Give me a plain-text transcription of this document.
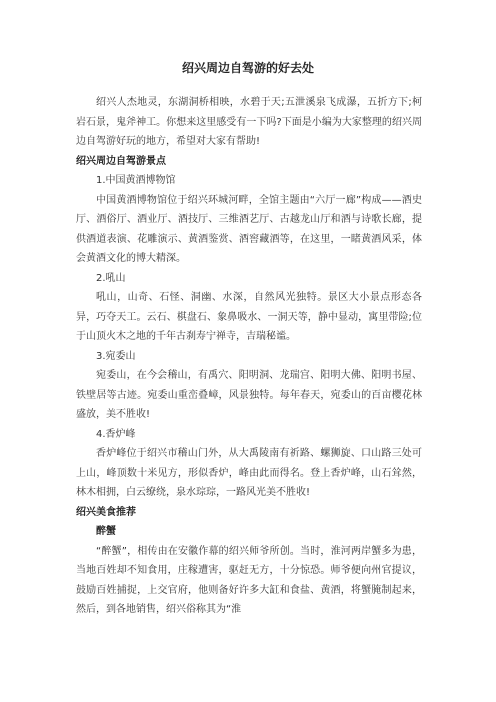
绍兴周边自驾游的好去处

绍兴人杰地灵，东湖洞桥相映，水碧于天;五泄溪泉飞成瀑，五折方下;柯岩石景，鬼斧神工。你想来这里感受有一下吗?下面是小编为大家整理的绍兴周边自驾游好玩的地方，希望对大家有帮助!

绍兴周边自驾游景点

1.中国黄酒博物馆

中国黄酒博物馆位于绍兴环城河畔，全馆主题由“六厅一廊”构成——酒史厅、酒俗厅、酒业厅、酒技厅、三维酒艺厅、古越龙山厅和酒与诗歌长廊，提供酒道表演、花雕演示、黄酒鉴赏、酒窖藏酒等，在这里，一睹黄酒风采，体会黄酒文化的博大精深。

2.吼山

吼山，山奇、石怪、洞幽、水深，自然风光独特。景区大小景点形态各异，巧夺天工。云石、棋盘石、象鼻吸水、一洞天等，静中显动，寓里带险;位于山顶火木之地的千年古刹寿宁禅寺，吉瑞秘谧。

3.宛委山

宛委山，在今会稽山，有禹穴、阳明洞、龙瑞宫、阳明大佛、阳明书屋、铁壁居等古迹。宛委山重峦叠嶂，风景独特。每年春天，宛委山的百亩樱花林盛放，美不胜收!

4.香炉峰

香炉峰位于绍兴市稽山门外，从大禹陵南有祈路、螺狮旋、口山路三处可上山，峰顶数十米见方，形似香炉，峰由此而得名。登上香炉峰，山石耸然，林木相拥，白云缭绕，泉水琮琮，一路风光美不胜收!

绍兴美食推荐

醉蟹

“醉蟹”，相传由在安徽作幕的绍兴师爷所创。当时，淮河两岸蟹多为患，当地百姓却不知食用，庄稼遭害，驱赶无方，十分惊恐。师爷便向州官提议，鼓励百姓捕捉，上交官府，他则备好许多大缸和食盐、黄酒，将蟹腌制起来，然后，到各地销售，绍兴俗称其为“淮
